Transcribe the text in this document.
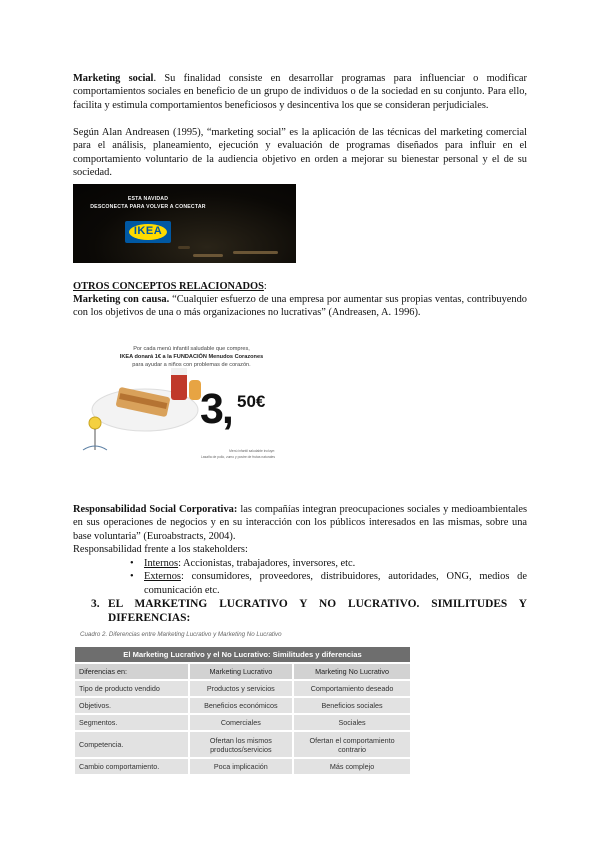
Marketing social. Su finalidad consiste en desarrollar programas para influenciar o modificar comportamientos sociales en beneficio de un grupo de individuos o de la sociedad en su conjunto. Para ello, facilita y estimula comportamientos beneficiosos y desincentiva los que se consideran perjudiciales.

Según Alan Andreasen (1995), “marketing social” es la aplicación de las técnicas del marketing comercial para el análisis, planeamiento, ejecución y evaluación de programas diseñados para influir en el comportamiento voluntario de la audiencia objetivo en orden a mejorar su bienestar personal y el de su sociedad.

ESTA NAVIDAD
DESCONECTA PARA VOLVER A CONECTAR
IKEA

OTROS CONCEPTOS RELACIONADOS:

Marketing con causa. “Cualquier esfuerzo de una empresa por aumentar sus propias ventas, contribuyendo con los objetivos de una o más organizaciones no lucrativas” (Andreasen, A. 1996).

Por cada menú infantil saludable que compres,
IKEA donará 1€ a la FUNDACIÓN Menudos Corazones
para ayudar a niños con problemas de corazón.
3, 50€
Menú infantil saludable incluye:
Lasaña de pollo, zumo y postre de frutas naturales

Responsabilidad Social Corporativa: las compañías integran preocupaciones sociales y medioambientales en sus operaciones de negocios y en su interacción con los públicos interesados en las mismas, sobre una base voluntaria” (Euroabstracts, 2004).

Responsabilidad frente a los stakeholders:

• Internos: Accionistas, trabajadores, inversores, etc.
• Externos: consumidores, proveedores, distribuidores, autoridades, ONG, medios de comunicación etc.
3. EL MARKETING LUCRATIVO Y NO LUCRATIVO. SIMILITUDES Y DIFERENCIAS:
Cuadro 2. Diferencias entre Marketing Lucrativo y Marketing No Lucrativo
El Marketing Lucrativo y el No Lucrativo: Similitudes y diferencias		
Diferencias en:	Marketing Lucrativo	Marketing No Lucrativo
Tipo de producto vendido	Productos y servicios	Comportamiento deseado
Objetivos.	Beneficios económicos	Beneficios sociales
Segmentos.	Comerciales	Sociales
Competencia.	Ofertan los mismos productos/servicios	Ofertan el comportamiento contrario
Cambio comportamiento.	Poca implicación	Más complejo
